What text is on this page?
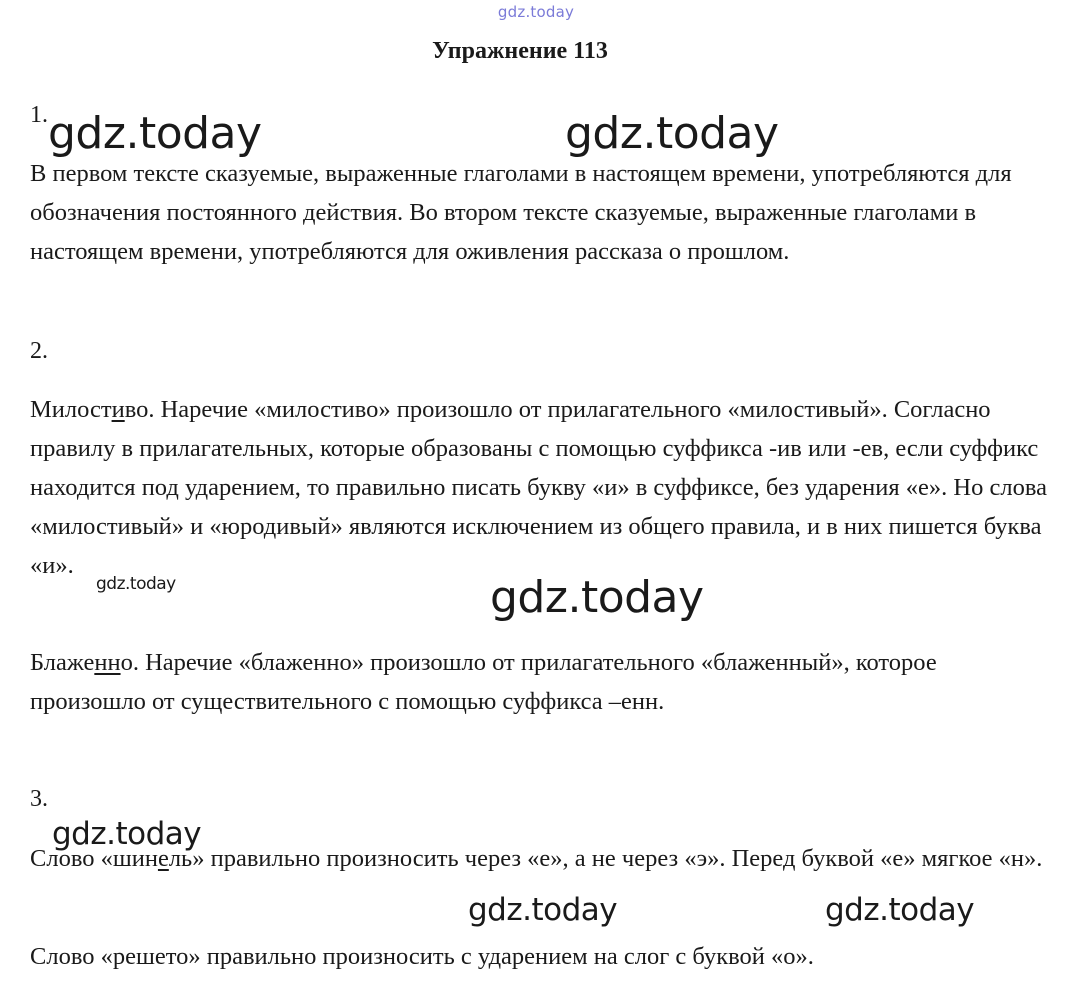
gdz.today
Упражнение 113
1.

В первом тексте сказуемые, выраженные глаголами в настоящем времени, употребляются для обозначения постоянного действия. Во втором тексте сказуемые, выраженные глаголами в настоящем времени, употребляются для оживления рассказа о прошлом.

2.

Милостиво. Наречие «милостиво» произошло от прилагательного «милостивый». Согласно правилу в прилагательных, которые образованы с помощью суффикса -ив или -ев, если суффикс находится под ударением, то правильно писать букву «и» в суффиксе, без ударения «е». Но слова «милостивый» и «юродивый» являются исключением из общего правила, и в них пишется буква «и».

Блаженно. Наречие «блаженно» произошло от прилагательного «блаженный», которое произошло от существительного с помощью суффикса –енн.

3.

Слово «шинель» правильно произносить через «е», а не через «э». Перед буквой «е» мягкое «н».

Слово «решето» правильно произносить с ударением на слог с буквой «о».

gdz.today	gdz.today
gdz.today	gdz.today
gdz.today
gdz.today	gdz.today
